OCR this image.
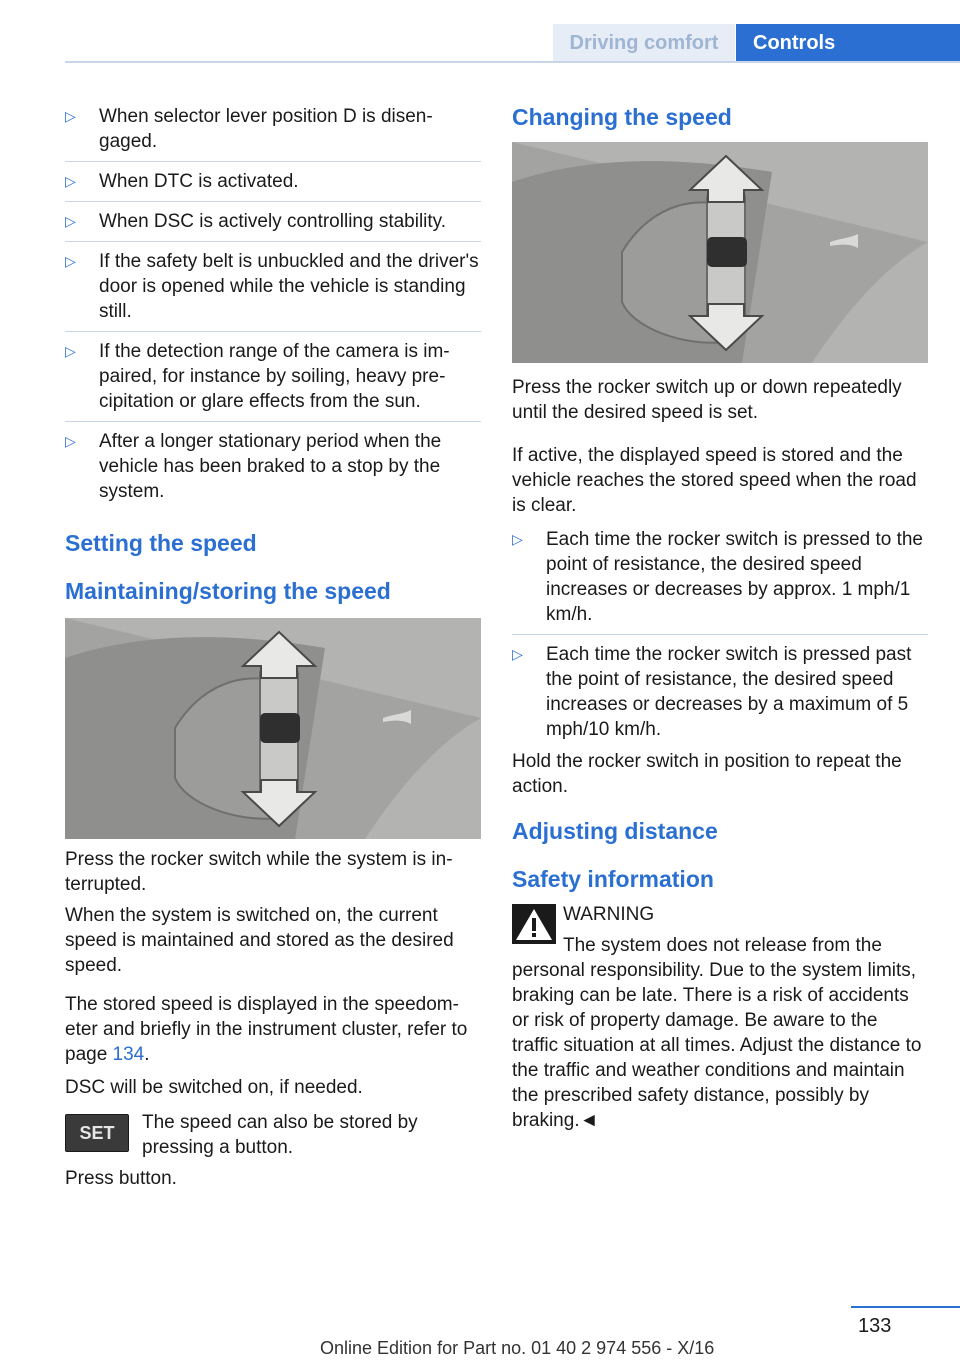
Driving comfort	Controls
▷ When selector lever position D is disengaged.
▷ When DTC is activated.
▷ When DSC is actively controlling stability.
▷ If the safety belt is unbuckled and the driver's door is opened while the vehicle is standing still.
▷ If the detection range of the camera is impaired, for instance by soiling, heavy precipitation or glare effects from the sun.
▷ After a longer stationary period when the vehicle has been braked to a stop by the system.
Setting the speed
Maintaining/storing the speed

Press the rocker switch while the system is interrupted.

When the system is switched on, the current speed is maintained and stored as the desired speed.

The stored speed is displayed in the speedometer and briefly in the instrument cluster, refer to page 134.

DSC will be switched on, if needed.

SET	The speed can also be stored by pressing a button.

Press button.

Changing the speed

Press the rocker switch up or down repeatedly until the desired speed is set.

If active, the displayed speed is stored and the vehicle reaches the stored speed when the road is clear.

▷ Each time the rocker switch is pressed to the point of resistance, the desired speed increases or decreases by approx. 1 mph/1 km/h.
▷ Each time the rocker switch is pressed past the point of resistance, the desired speed increases or decreases by a maximum of 5 mph/10 km/h.

Hold the rocker switch in position to repeat the action.

Adjusting distance
Safety information
WARNING
The system does not release from the
personal responsibility. Due to the system limits, braking can be late. There is a risk of accidents or risk of property damage. Be aware to the traffic situation at all times. Adjust the distance to the traffic and weather conditions and maintain the prescribed safety distance, possibly by braking.◄
133
Online Edition for Part no. 01 40 2 974 556 - X/16
